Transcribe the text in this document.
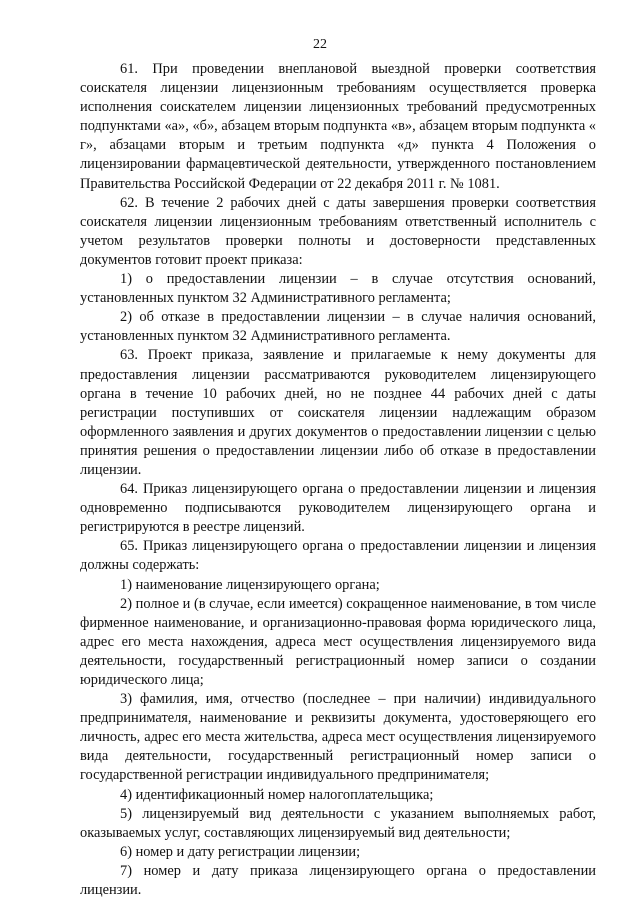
22

61. При проведении внеплановой выездной проверки соответствия соискателя лицензии лицензионным требованиям осуществляется проверка исполнения соискателем лицензии лицензионных требований предусмотренных подпунктами «а», «б», абзацем вторым подпункта «в», абзацем вторым подпункта « г», абзацами вторым и третьим подпункта «д» пункта 4 Положения о лицензировании фармацевтической деятельности, утвержденного постановлением Правительства Российской Федерации от 22 декабря 2011 г. № 1081.

62. В течение 2 рабочих дней с даты завершения проверки соответствия соискателя лицензии лицензионным требованиям ответственный исполнитель с учетом результатов проверки полноты и достоверности представленных документов готовит проект приказа:

1) о предоставлении лицензии – в случае отсутствия оснований, установленных пунктом 32 Административного регламента;

2) об отказе в предоставлении лицензии – в случае наличия оснований, установленных пунктом 32 Административного регламента.

63. Проект приказа, заявление и прилагаемые к нему документы для предоставления лицензии рассматриваются руководителем лицензирующего органа в течение 10 рабочих дней, но не позднее 44 рабочих дней с даты регистрации поступивших от соискателя лицензии надлежащим образом оформленного заявления и других документов о предоставлении лицензии с целью принятия решения о предоставлении лицензии либо об отказе в предоставлении лицензии.

64. Приказ лицензирующего органа о предоставлении лицензии и лицензия одновременно подписываются руководителем лицензирующего органа и регистрируются в реестре лицензий.

65. Приказ лицензирующего органа о предоставлении лицензии и лицензия должны содержать:

1) наименование лицензирующего органа;

2) полное и (в случае, если имеется) сокращенное наименование, в том числе фирменное наименование, и организационно-правовая форма юридического лица, адрес его места нахождения, адреса мест осуществления лицензируемого вида деятельности, государственный регистрационный номер записи о создании юридического лица;

3) фамилия, имя, отчество (последнее – при наличии) индивидуального предпринимателя, наименование и реквизиты документа, удостоверяющего его личность, адрес его места жительства, адреса мест осуществления лицензируемого вида деятельности, государственный регистрационный номер записи о государственной регистрации индивидуального предпринимателя;

4) идентификационный номер налогоплательщика;

5) лицензируемый вид деятельности с указанием выполняемых работ, оказываемых услуг, составляющих лицензируемый вид деятельности;

6) номер и дату регистрации лицензии;

7) номер и дату приказа лицензирующего органа о предоставлении лицензии.
